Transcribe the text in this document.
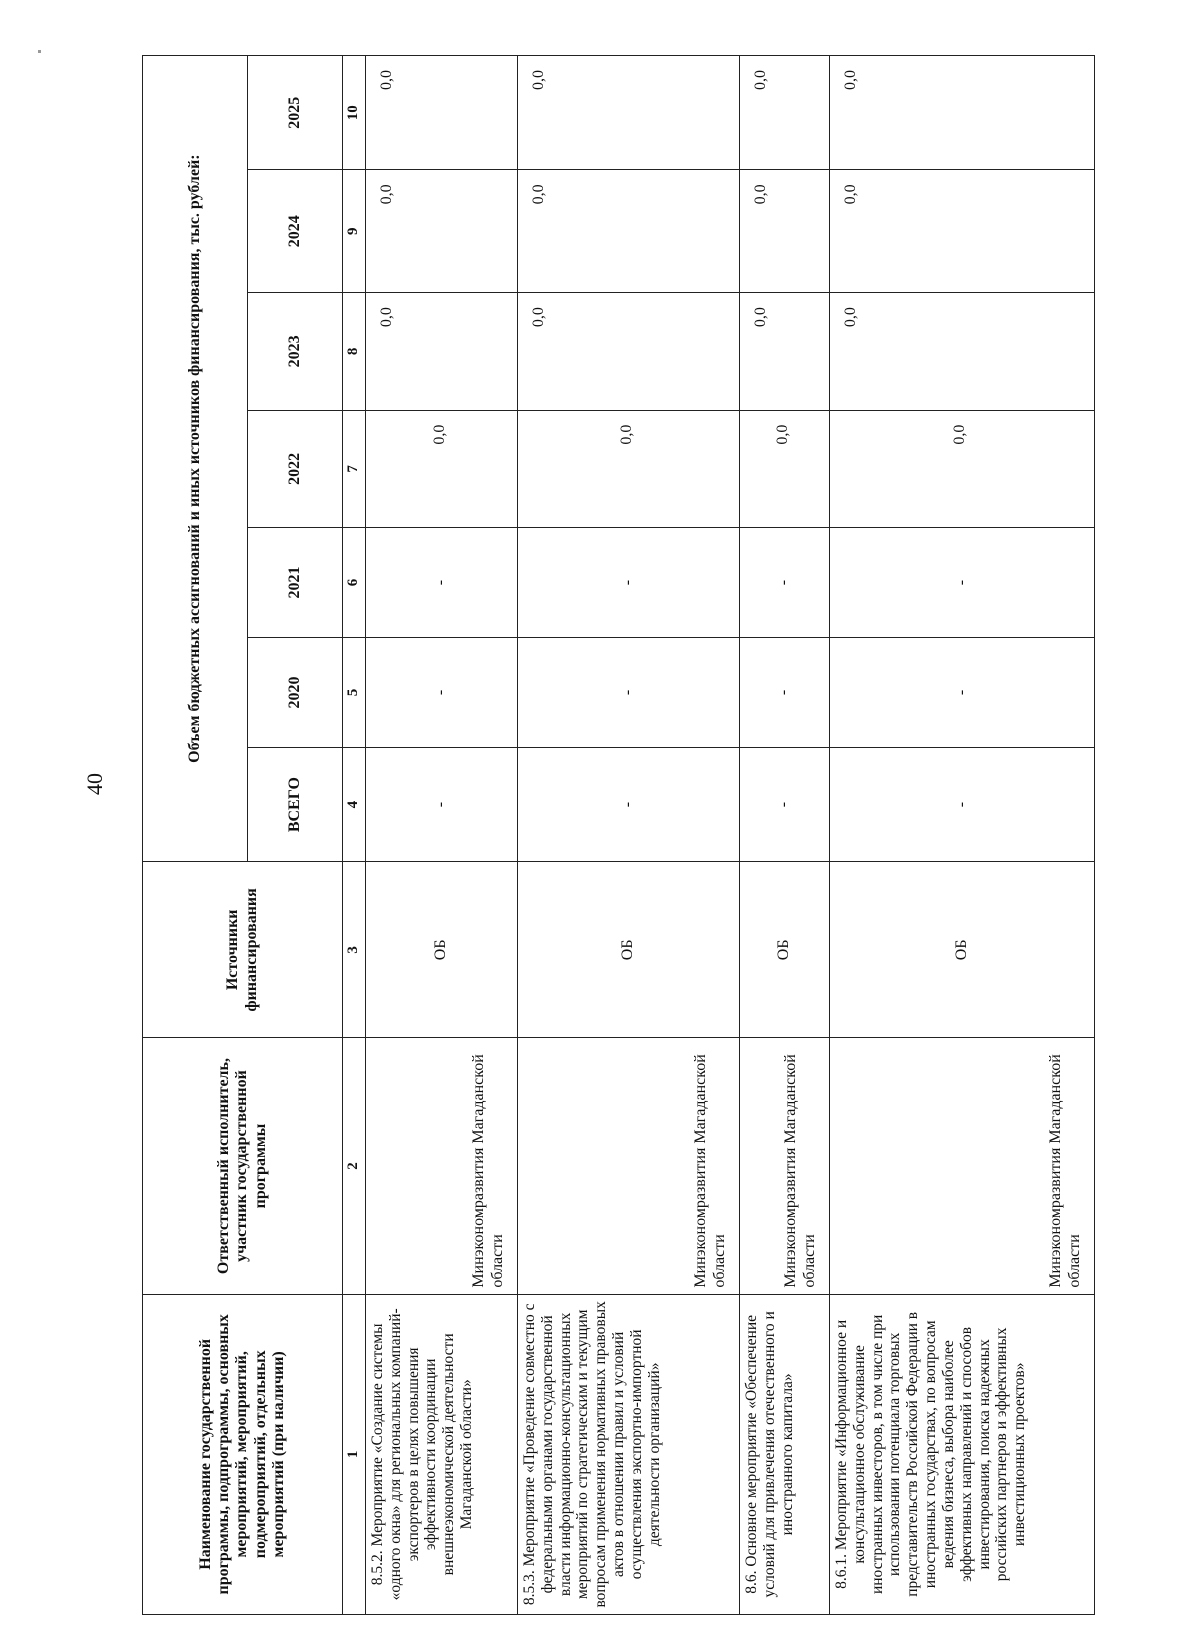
40
Наименование государственной программы, подпрограммы, основных мероприятий, мероприятий, подмероприятий, отдельных мероприятий (при наличии)	Ответственный исполнитель, участник государственной программы	Источники финансирования	Объем бюджетных ассигнований и иных источников финансирования, тыс. рублей:						
			ВСЕГО	2020	2021	2022	2023	2024	2025
1	2	3	4	5	6	7	8	9	10
8.5.2. Мероприятие «Создание системы «одного окна» для региональных компаний-экспортеров в целях повышения эффективности координации внешнеэкономической деятельности Магаданской области»	Минэкономразвития Магаданской области	ОБ	-	-	-	0,0	0,0	0,0	0,0
8.5.3. Мероприятие «Проведение совместно с федеральными органами государственной власти информационно-консультационных мероприятий по стратегическим и текущим вопросам применения нормативных правовых актов в отношении правил и условий осуществления экспортно-импортной деятельности организаций»	Минэкономразвития Магаданской области	ОБ	-	-	-	0,0	0,0	0,0	0,0
8.6. Основное мероприятие «Обеспечение условий для привлечения отечественного и иностранного капитала»	Минэкономразвития Магаданской области	ОБ	-	-	-	0,0	0,0	0,0	0,0
8.6.1. Мероприятие «Информационное и консультационное обслуживание иностранных инвесторов, в том числе при использовании потенциала торговых представительств Российской Федерации в иностранных государствах, по вопросам ведения бизнеса, выбора наиболее эффективных направлений и способов инвестирования, поиска надежных российских партнеров и эффективных инвестиционных проектов»	Минэкономразвития Магаданской области	ОБ	-	-	-	0,0	0,0	0,0	0,0
